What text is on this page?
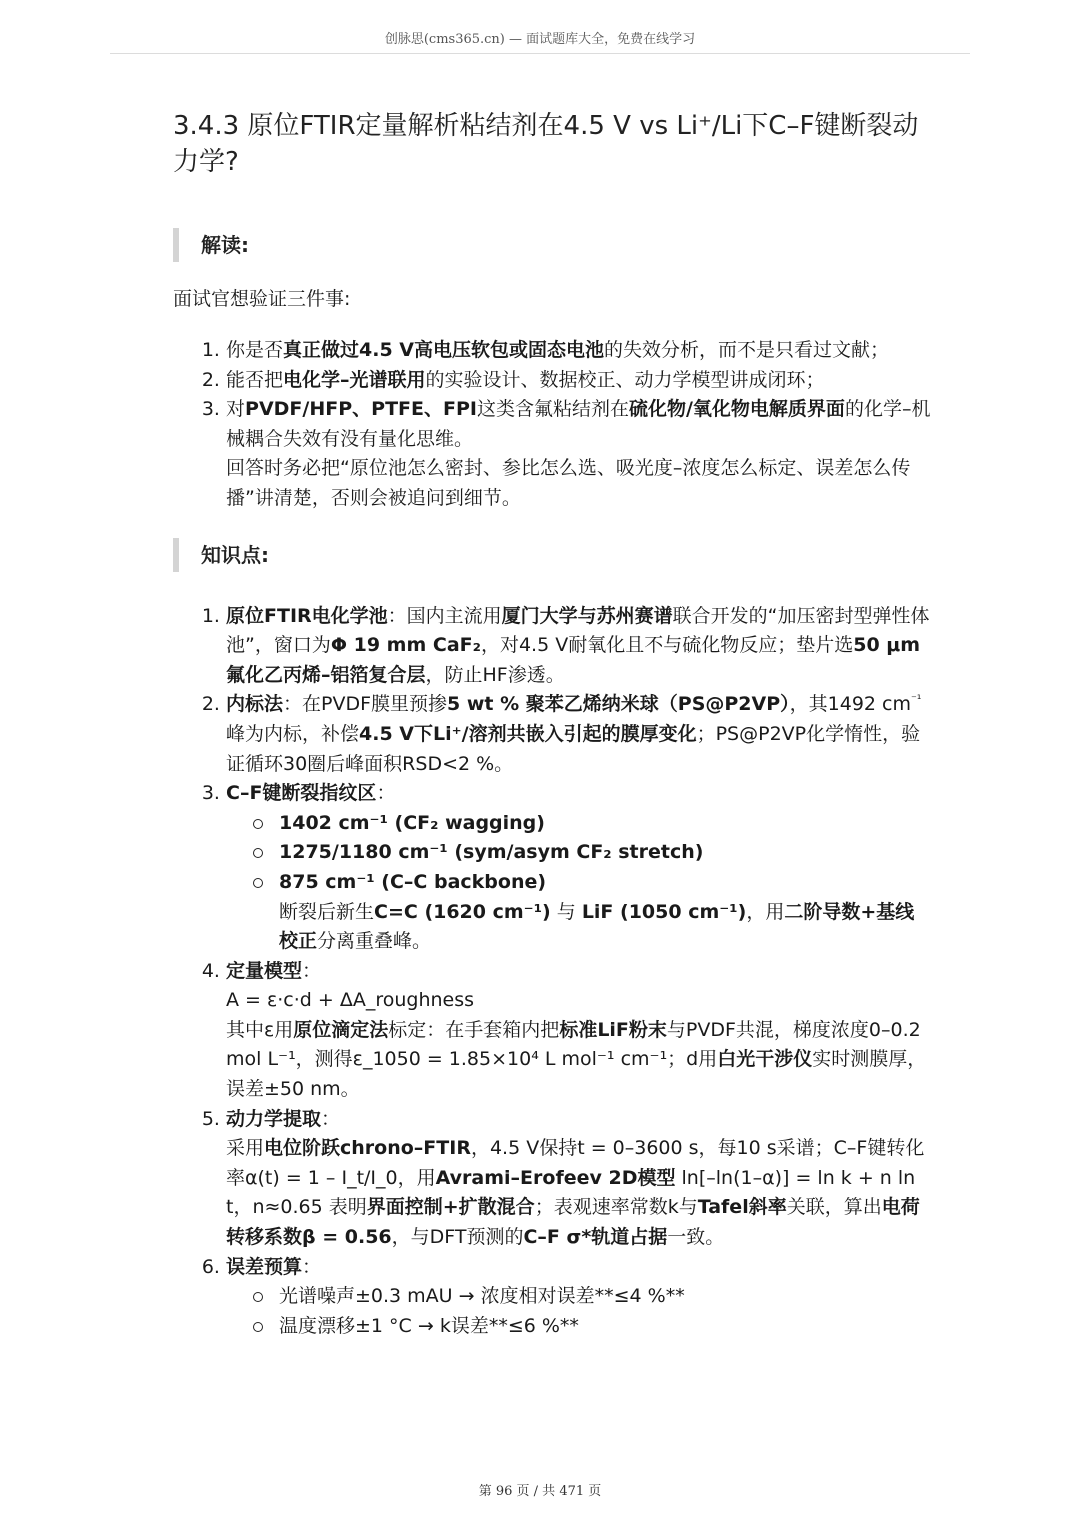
创脉思(cms365.cn) — 面试题库大全，免费在线学习
3.4.3 原位FTIR定量解析粘结剂在4.5 V vs Li⁺/Li下C–F键断裂动力学?
解读:

面试官想验证三件事:

1. 你是否真正做过4.5 V高电压软包或固态电池的失效分析，而不是只看过文献；
2. 能否把电化学–光谱联用的实验设计、数据校正、动力学模型讲成闭环；
3. 对PVDF/HFP、PTFE、FPI这类含氟粘结剂在硫化物/氧化物电解质界面的化学–机械耦合失效有没有量化思维。
回答时务必把“原位池怎么密封、参比怎么选、吸光度–浓度怎么标定、误差怎么传播”讲清楚，否则会被追问到细节。
知识点:
1. 原位FTIR电化学池：国内主流用厦门大学与苏州赛谱联合开发的“加压密封型弹性体池”，窗口为Φ 19 mm CaF₂，对4.5 V耐氧化且不与硫化物反应；垫片选50 μm 氟化乙丙烯–铝箔复合层，防止HF渗透。
2. 内标法：在PVDF膜里预掺5 wt % 聚苯乙烯纳米球（PS@P2VP），其1492 $cm^{^{-1}}$峰为内标，补偿4.5 V下Li⁺/溶剂共嵌入引起的膜厚变化；PS@P2VP化学惰性，验证循环30圈后峰面积RSD<2 %。
3. C–F键断裂指纹区：
1402 cm⁻¹ (CF₂ wagging)
1275/1180 cm⁻¹ (sym/asym CF₂ stretch)
875 cm⁻¹ (C–C backbone)
断裂后新生C=C (1620 cm⁻¹) 与 LiF (1050 cm⁻¹)，用二阶导数+基线校正分离重叠峰。
4. 定量模型：
A = ε·c·d + ΔA_roughness
其中ε用原位滴定法标定：在手套箱内把标准LiF粉末与PVDF共混，梯度浓度0–0.2 mol L⁻¹，测得ε_1050 = 1.85×10⁴ L mol⁻¹ cm⁻¹；d用白光干涉仪实时测膜厚，误差±50 nm。
5. 动力学提取：
采用电位阶跃chrono–FTIR，4.5 V保持t = 0–3600 s，每10 s采谱；C–F键转化率α(t) = 1 – I_t/I_0，用Avrami–Erofeev 2D模型 ln[–ln(1–α)] = ln k + n ln t，n≈0.65 表明界面控制+扩散混合；表观速率常数k与Tafel斜率关联，算出电荷转移系数β = 0.56，与DFT预测的C–F σ*轨道占据一致。
6. 误差预算：
光谱噪声±0.3 mAU → 浓度相对误差**≤4 %**
温度漂移±1 °C → k误差**≤6 %**
第 96 页 / 共 471 页
